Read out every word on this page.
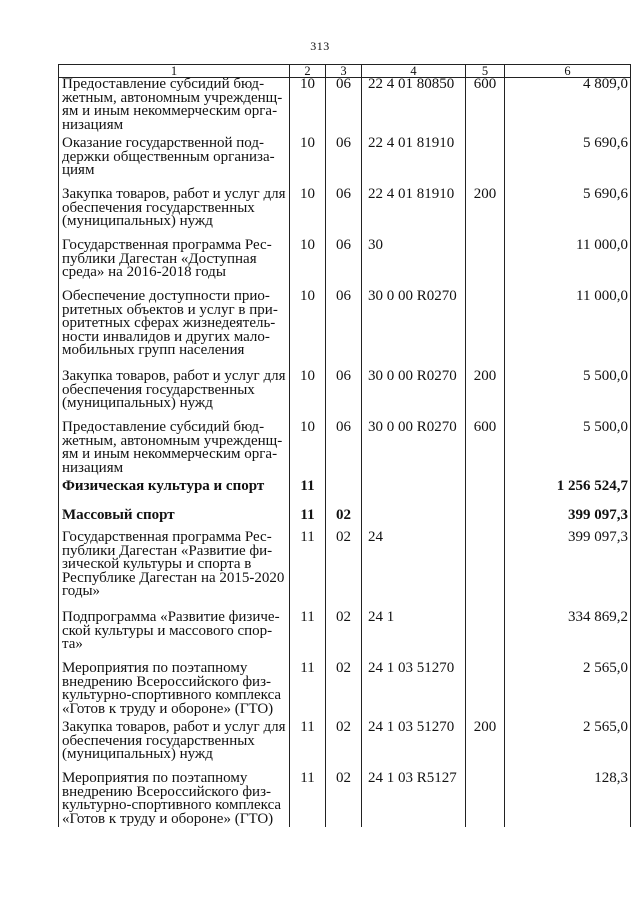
313
1	2	3	4	5	6
Предоставление субсидий бюд-жетным, автономным учрежденщ-ям и иным некоммерческим орга-низациям	10	06	22 4 01 80850	600	4 809,0
Оказание государственной под-держки общественным организа-циям	10	06	22 4 01 81910		5 690,6
Закупка товаров, работ и услуг для обеспечения государственных (муниципальных) нужд	10	06	22 4 01 81910	200	5 690,6
Государственная программа Рес-публики Дагестан «Доступная среда» на 2016-2018 годы	10	06	30		11 000,0
Обеспечение доступности прио-ритетных объектов и услуг в при-оритетных сферах жизнедеятель-ности инвалидов и других мало-мобильных групп населения	10	06	30 0 00 R0270		11 000,0
Закупка товаров, работ и услуг для обеспечения государственных (муниципальных) нужд	10	06	30 0 00 R0270	200	5 500,0
Предоставление субсидий бюд-жетным, автономным учрежденщ-ям и иным некоммерческим орга-низациям	10	06	30 0 00 R0270	600	5 500,0
Физическая культура и спорт	11				1 256 524,7
Массовый спорт	11	02			399 097,3
Государственная программа Рес-публики Дагестан «Развитие фи-зической культуры и спорта в Республике Дагестан на 2015-2020 годы»	11	02	24		399 097,3
Подпрограмма «Развитие физиче-ской культуры и массового спор-та»	11	02	24 1		334 869,2
Мероприятия по поэтапному внедрению Всероссийского физ-культурно-спортивного комплекса «Готов к труду и обороне» (ГТО)	11	02	24 1 03 51270		2 565,0
Закупка товаров, работ и услуг для обеспечения государственных (муниципальных) нужд	11	02	24 1 03 51270	200	2 565,0
Мероприятия по поэтапному внедрению Всероссийского физ-культурно-спортивного комплекса «Готов к труду и обороне» (ГТО)	11	02	24 1 03 R5127		128,3
